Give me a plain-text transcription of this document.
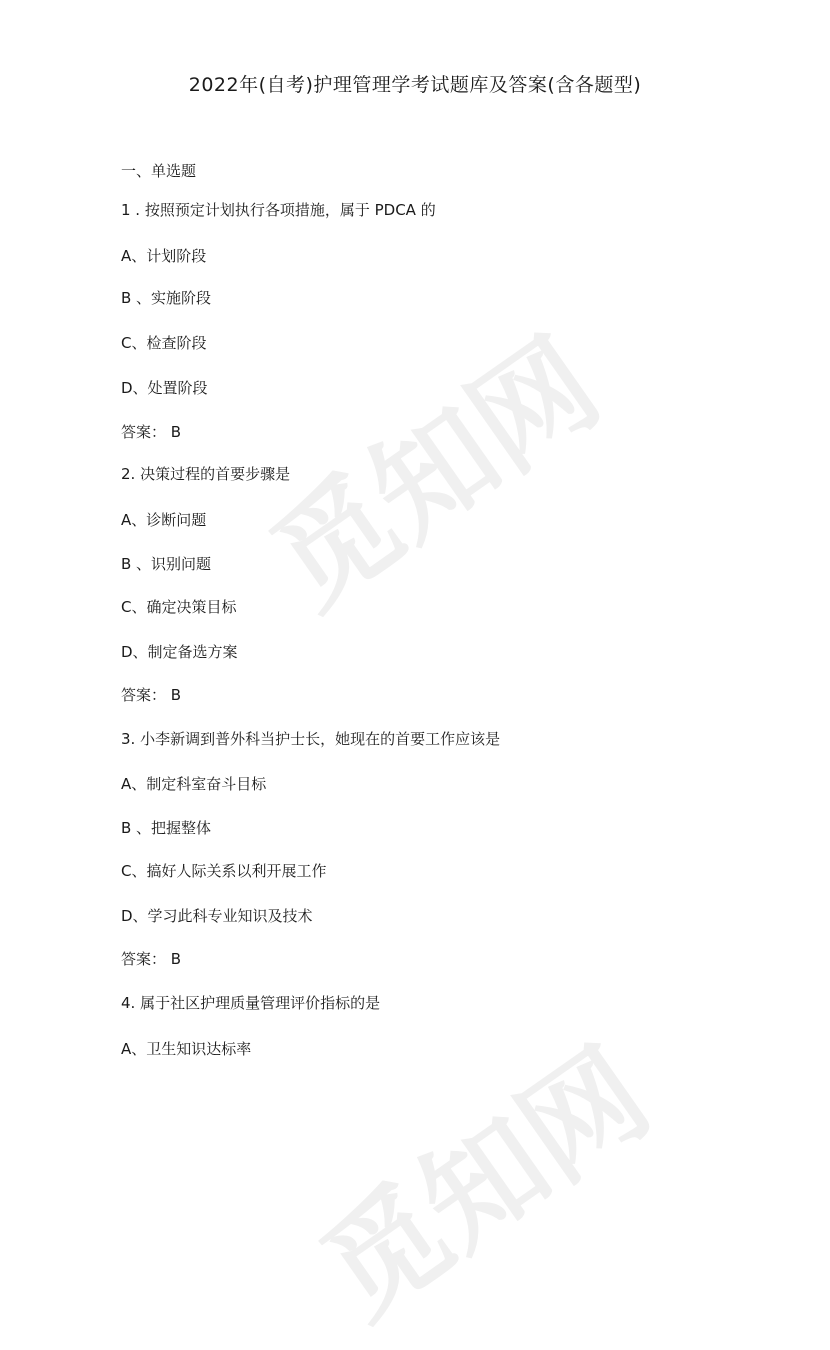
觅知网
觅知网
2022年(自考)护理管理学考试题库及答案(含各题型)
一、单选题
1 . 按照预定计划执行各项措施，属于 PDCA 的
A、计划阶段
B 、实施阶段
C、检查阶段
D、处置阶段
答案： B
2. 决策过程的首要步骤是
A、诊断问题
B 、识别问题
C、确定决策目标
D、制定备选方案
答案： B
3. 小李新调到普外科当护士长，她现在的首要工作应该是
A、制定科室奋斗目标
B 、把握整体
C、搞好人际关系以利开展工作
D、学习此科专业知识及技术
答案： B
4. 属于社区护理质量管理评价指标的是
A、卫生知识达标率
